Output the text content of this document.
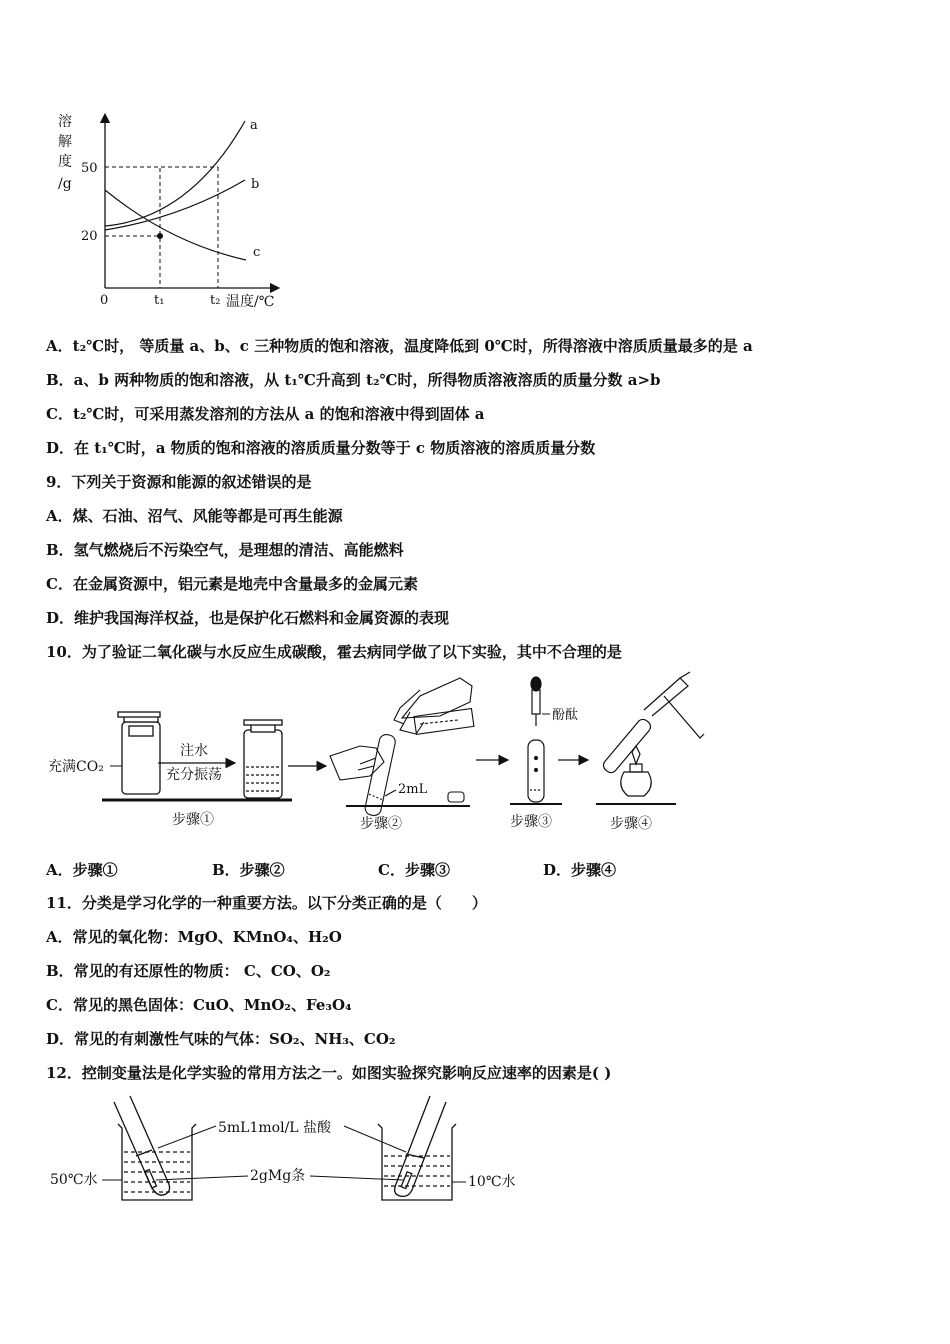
溶
解
度
/g
50
20
a
b
c
0	t₁	t₂ 温度/℃
A．t₂℃时， 等质量 a、b、c 三种物质的饱和溶液，温度降低到 0℃时，所得溶液中溶质质量最多的是 a
B．a、b 两种物质的饱和溶液，从 t₁℃升高到 t₂℃时，所得物质溶液溶质的质量分数 a>b
C．t₂℃时，可采用蒸发溶剂的方法从 a 的饱和溶液中得到固体 a
D．在 t₁℃时，a 物质的饱和溶液的溶质质量分数等于 c 物质溶液的溶质质量分数
9．下列关于资源和能源的叙述错误的是
A．煤、石油、沼气、风能等都是可再生能源
B．氢气燃烧后不污染空气，是理想的清洁、高能燃料
C．在金属资源中，铝元素是地壳中含量最多的金属元素
D．维护我国海洋权益，也是保护化石燃料和金属资源的表现
10．为了验证二氧化碳与水反应生成碳酸，霍去病同学做了以下实验，其中不合理的是
充满CO₂
注水
充分振荡
步骤①
2mL
步骤②
酚酞
步骤③	步骤④
A．步骤①	B．步骤②	C．步骤③	D．步骤④
11．分类是学习化学的一种重要方法。以下分类正确的是（　　）
A．常见的氧化物：MgO、KMnO₄、H₂O
B．常见的有还原性的物质： C、CO、O₂
C．常见的黑色固体：CuO、MnO₂、Fe₃O₄
D．常见的有刺激性气味的气体：SO₂、NH₃、CO₂
12．控制变量法是化学实验的常用方法之一。如图实验探究影响反应速率的因素是( )
5mL1mol/L 盐酸
2gMg条
50℃水	10℃水
